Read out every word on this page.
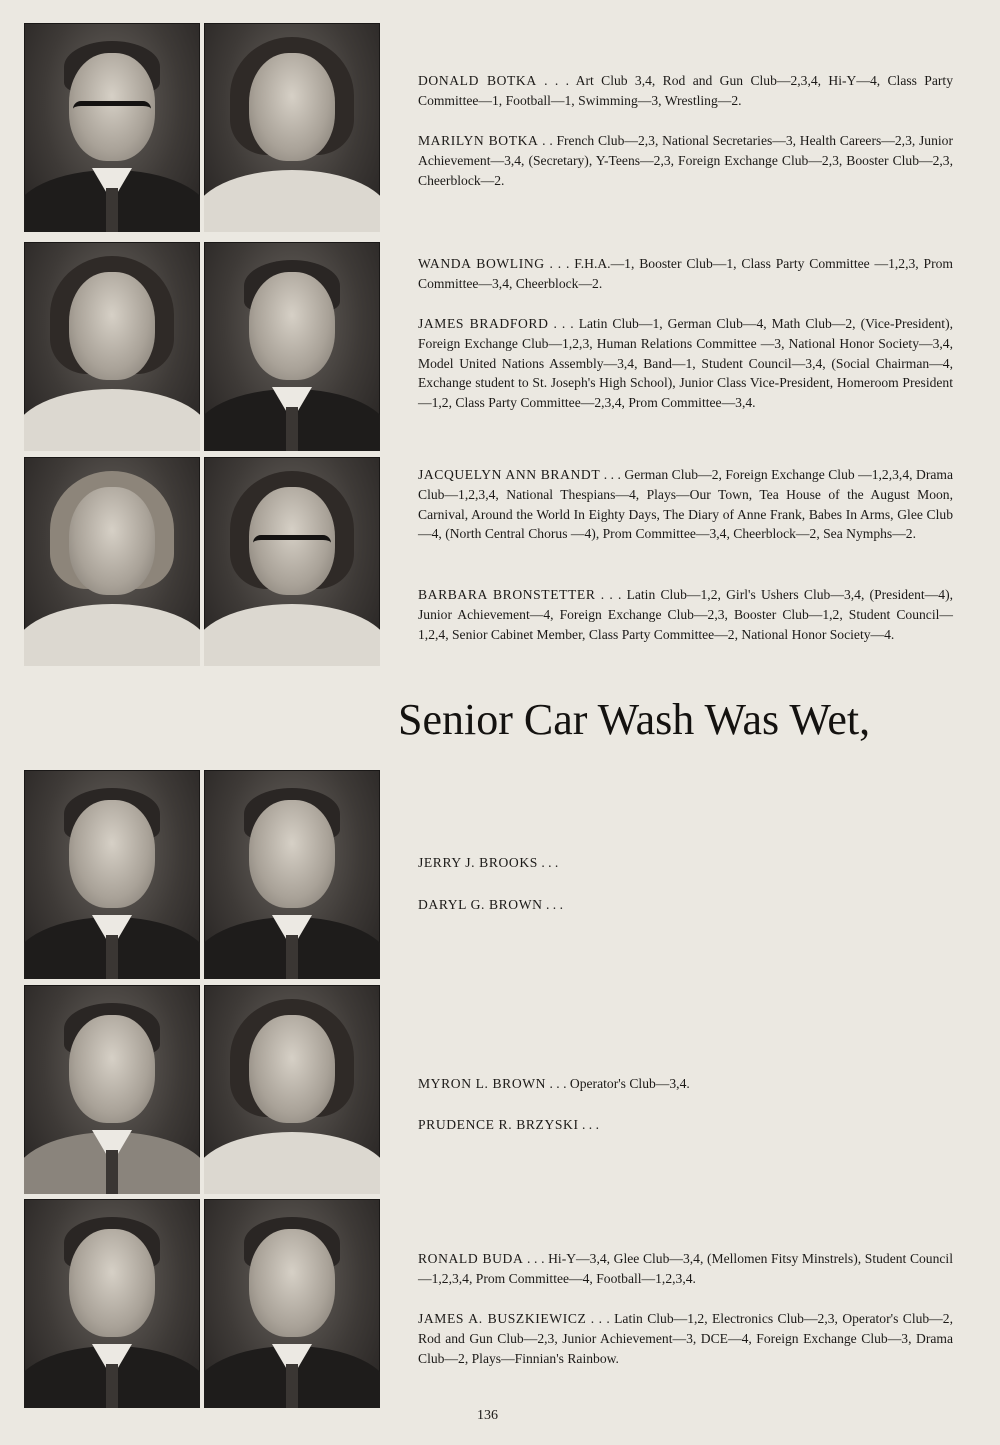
DONALD BOTKA . . . Art Club 3,4, Rod and Gun Club—2,3,4, Hi-Y—4, Class Party Committee—1, Football—1, Swimming—3, Wrestling—2.
MARILYN BOTKA . . French Club—2,3, National Secretaries—3, Health Careers—2,3, Junior Achievement—3,4, (Secretary), Y-Teens—2,3, Foreign Exchange Club—2,3, Booster Club—2,3, Cheerblock—2.
WANDA BOWLING . . . F.H.A.—1, Booster Club—1, Class Party Committee —1,2,3, Prom Committee—3,4, Cheerblock—2.
JAMES BRADFORD . . . Latin Club—1, German Club—4, Math Club—2, (Vice-President), Foreign Exchange Club—1,2,3, Human Relations Committee —3, National Honor Society—3,4, Model United Nations Assembly—3,4, Band—1, Student Council—3,4, (Social Chairman—4, Exchange student to St. Joseph's High School), Junior Class Vice-President, Homeroom President—1,2, Class Party Committee—2,3,4, Prom Committee—3,4.
JACQUELYN ANN BRANDT . . . German Club—2, Foreign Exchange Club —1,2,3,4, Drama Club—1,2,3,4, National Thespians—4, Plays—Our Town, Tea House of the August Moon, Carnival, Around the World In Eighty Days, The Diary of Anne Frank, Babes In Arms, Glee Club—4, (North Central Chorus —4), Prom Committee—3,4, Cheerblock—2, Sea Nymphs—2.
BARBARA BRONSTETTER . . . Latin Club—1,2, Girl's Ushers Club—3,4, (President—4), Junior Achievement—4, Foreign Exchange Club—2,3, Booster Club—1,2, Student Council—1,2,4, Senior Cabinet Member, Class Party Committee—2, National Honor Society—4.
Senior Car Wash Was Wet,
JERRY J. BROOKS . . .
DARYL G. BROWN . . .
MYRON L. BROWN . . . Operator's Club—3,4.
PRUDENCE R. BRZYSKI . . .
RONALD BUDA . . . Hi-Y—3,4, Glee Club—3,4, (Mellomen Fitsy Minstrels), Student Council—1,2,3,4, Prom Committee—4, Football—1,2,3,4.
JAMES A. BUSZKIEWICZ . . . Latin Club—1,2, Electronics Club—2,3, Operator's Club—2, Rod and Gun Club—2,3, Junior Achievement—3, DCE—4, Foreign Exchange Club—3, Drama Club—2, Plays—Finnian's Rainbow.
136
